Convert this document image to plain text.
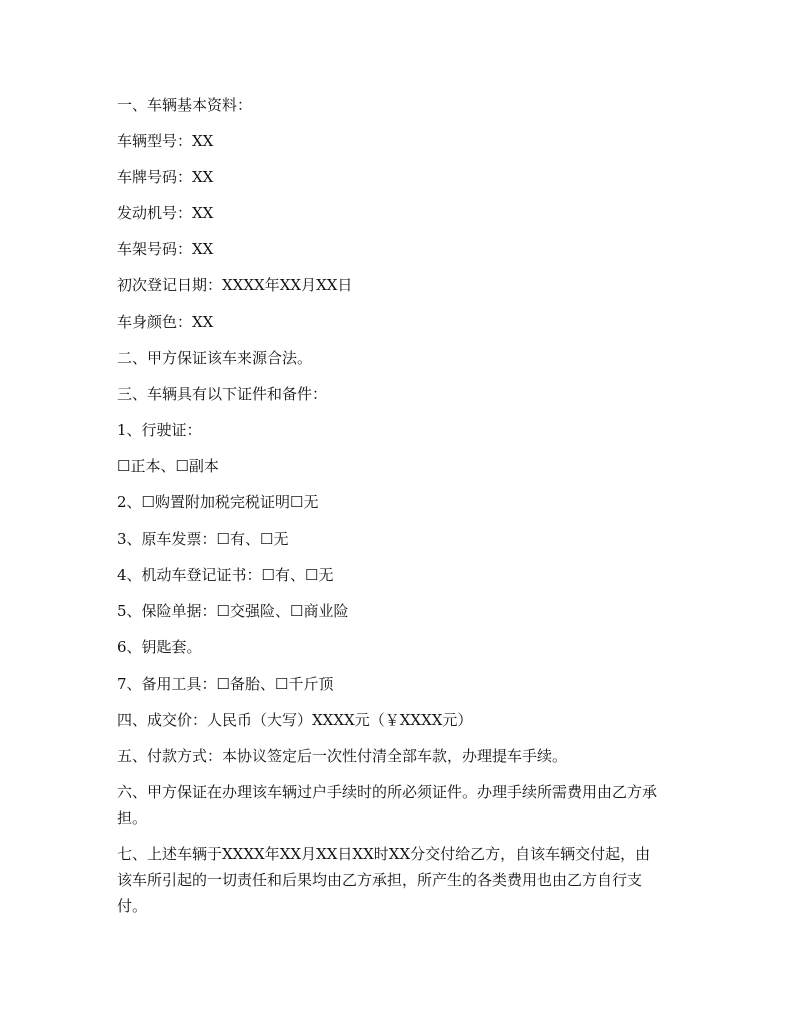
一、车辆基本资料：
车辆型号：XX
车牌号码：XX
发动机号：XX
车架号码：XX
初次登记日期：XXXX年XX月XX日
车身颜色：XX
二、甲方保证该车来源合法。
三、车辆具有以下证件和备件：
1、行驶证：
☐正本、☐副本
2、☐购置附加税完税证明☐无
3、原车发票：☐有、☐无
4、机动车登记证书：☐有、☐无
5、保险单据：☐交强险、☐商业险
6、钥匙套。
7、备用工具：☐备胎、☐千斤顶
四、成交价：人民币（大写）XXXX元（￥XXXX元）
五、付款方式：本协议签定后一次性付清全部车款，办理提车手续。
六、甲方保证在办理该车辆过户手续时的所必须证件。办理手续所需费用由乙方承
担。
七、上述车辆于XXXX年XX月XX日XX时XX分交付给乙方，自该车辆交付起，由
该车所引起的一切责任和后果均由乙方承担，所产生的各类费用也由乙方自行支
付。
